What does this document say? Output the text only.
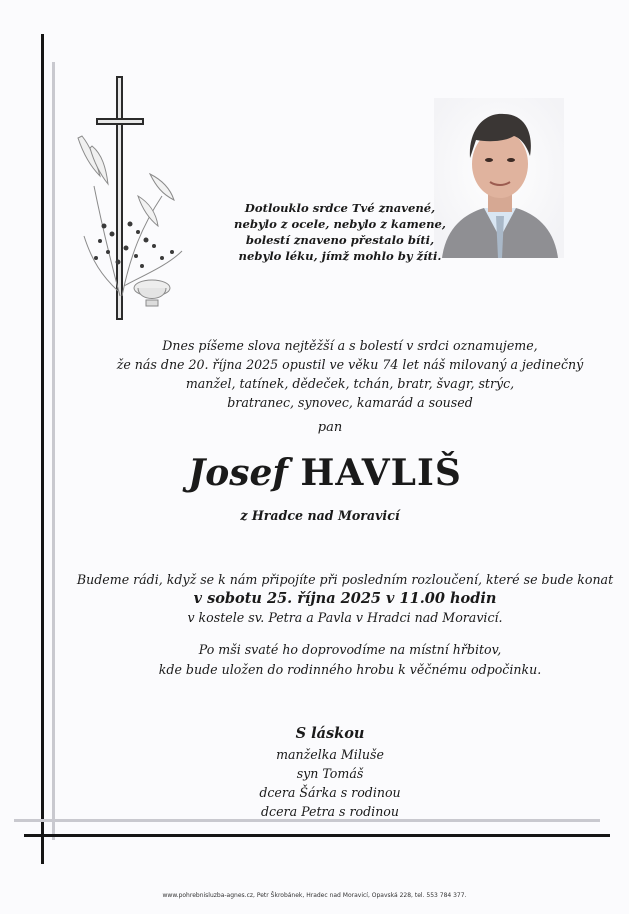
Dotlouklo srdce Tvé znavené,
nebylo z ocele, nebylo z kamene,
bolestí znaveno přestalo bíti,
nebylo léku, jímž mohlo by žíti.
Dnes píšeme slova nejtěžší a s bolestí v srdci oznamujeme,
že nás dne 20. října 2025 opustil ve věku 74 let náš milovaný a jedinečný
manžel, tatínek, dědeček, tchán, bratr, švagr, strýc,
bratranec, synovec, kamarád a soused
pan
Josef HAVLIŠ
z Hradce nad Moravicí
Budeme rádi, když se k nám připojíte při posledním rozloučení, které se bude konat
v sobotu 25. října 2025 v 11.00 hodin
v kostele sv. Petra a Pavla v Hradci nad Moravicí.
Po mši svaté ho doprovodíme na místní hřbitov,
kde bude uložen do rodinného hrobu k věčnému odpočinku.
S láskou
manželka Miluše
syn Tomáš
dcera Šárka s rodinou
dcera Petra s rodinou
www.pohrebnisluzba-agnes.cz, Petr Škrobánek, Hradec nad Moravicí, Opavská 228, tel. 553 784 377.
